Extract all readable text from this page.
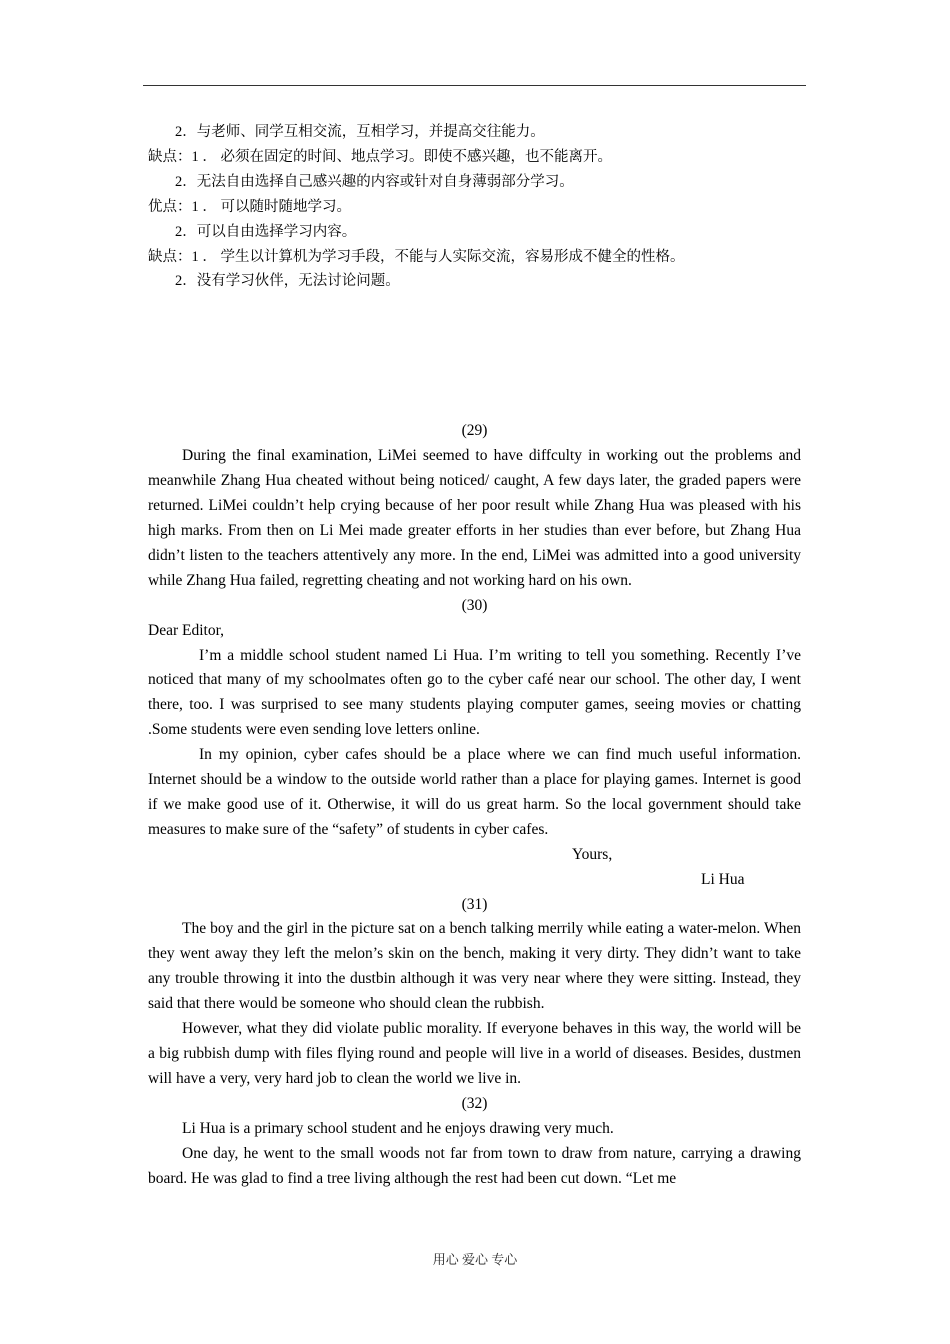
2．与老师、同学互相交流，互相学习，并提高交往能力。

缺点：1 ． 必须在固定的时间、地点学习。即使不感兴趣，也不能离开。

2．无法自由选择自己感兴趣的内容或针对自身薄弱部分学习。

优点：1 ． 可以随时随地学习。

2．可以自由选择学习内容。

缺点：1 ． 学生以计算机为学习手段，不能与人实际交流，容易形成不健全的性格。

2．没有学习伙伴，无法讨论问题。

(29)

During the final examination, LiMei seemed to have diffculty in working out the problems and meanwhile Zhang Hua cheated without being noticed/ caught, A few days later, the graded papers were returned. LiMei couldn’t help crying because of her poor result while Zhang Hua was pleased with his high marks. From then on Li Mei made greater efforts in her studies than ever before, but Zhang Hua didn’t listen to the teachers attentively any more. In the end, LiMei was admitted into a good university while Zhang Hua failed, regretting cheating and not working hard on his own.

(30)

Dear Editor,

I’m a middle school student named Li Hua. I’m writing to tell you something. Recently I’ve noticed that many of my schoolmates often go to the cyber café near our school. The other day, I went there, too. I was surprised to see many students playing computer games, seeing movies or chatting .Some students were even sending love letters online.

In my opinion, cyber cafes should be a place where we can find much useful information. Internet should be a window to the outside world rather than a place for playing games. Internet is good if we make good use of it. Otherwise, it will do us great harm. So the local government should take measures to make sure of the “safety” of students in cyber cafes.

Yours,

Li Hua

(31)

The boy and the girl in the picture sat on a bench talking merrily while eating a water-melon. When they went away they left the melon’s skin on the bench, making it very dirty. They didn’t want to take any trouble throwing it into the dustbin although it was very near where they were sitting. Instead, they said that there would be someone who should clean the rubbish.

However, what they did violate public morality. If everyone behaves in this way, the world will be a big rubbish dump with files flying round and people will live in a world of diseases. Besides, dustmen will have a very, very hard job to clean the world we live in.

(32)

Li Hua is a primary school student and he enjoys drawing very much.

One day, he went to the small woods not far from town to draw from nature, carrying a drawing board. He was glad to find a tree living although the rest had been cut down. “Let me

用心 爱心 专心
